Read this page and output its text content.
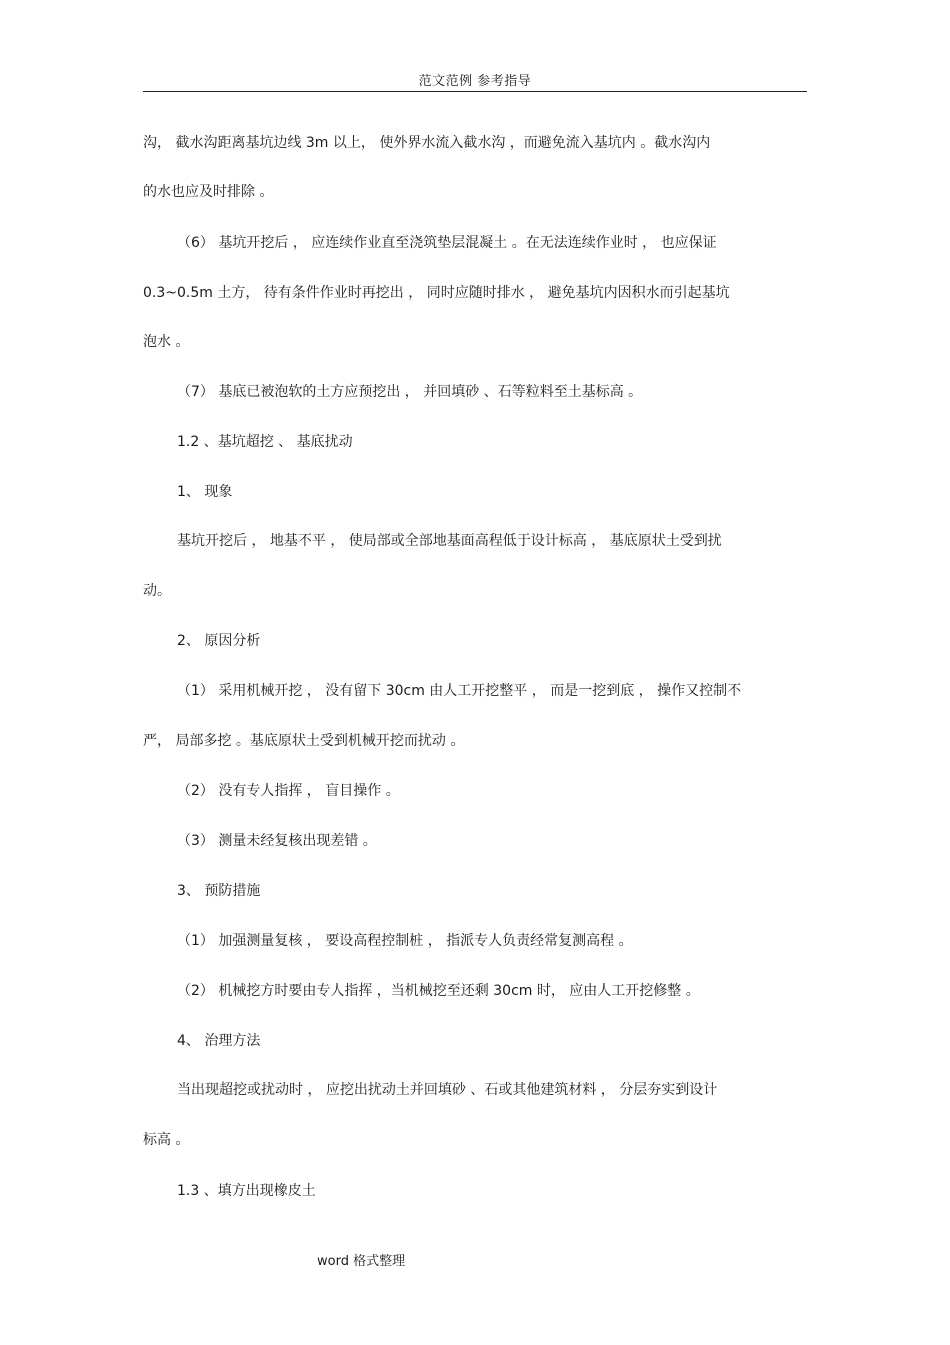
范文范例 参考指导
沟， 截水沟距离基坑边线 3m 以上， 使外界水流入截水沟 ，而避免流入基坑内 。截水沟内
的水也应及时排除 。
（6） 基坑开挖后 ， 应连续作业直至浇筑垫层混凝土 。在无法连续作业时 ， 也应保证
0.3~0.5m 土方， 待有条件作业时再挖出 ， 同时应随时排水 ， 避免基坑内因积水而引起基坑
泡水 。
（7） 基底已被泡软的土方应预挖出 ， 并回填砂 、石等粒料至土基标高 。
1.2 、基坑超挖 、 基底扰动
1、 现象
基坑开挖后 ， 地基不平 ， 使局部或全部地基面高程低于设计标高 ， 基底原状土受到扰
动。
2、 原因分析
（1） 采用机械开挖 ， 没有留下 30cm 由人工开挖整平 ， 而是一挖到底 ， 操作又控制不
严， 局部多挖 。基底原状土受到机械开挖而扰动 。
（2） 没有专人指挥 ， 盲目操作 。
（3） 测量未经复核出现差错 。
3、 预防措施
（1） 加强测量复核 ， 要设高程控制桩 ， 指派专人负责经常复测高程 。
（2） 机械挖方时要由专人指挥 ，当机械挖至还剩 30cm 时， 应由人工开挖修整 。
4、 治理方法
当出现超挖或扰动时 ， 应挖出扰动土并回填砂 、石或其他建筑材料 ， 分层夯实到设计
标高 。
1.3 、填方出现橡皮土
word 格式整理
